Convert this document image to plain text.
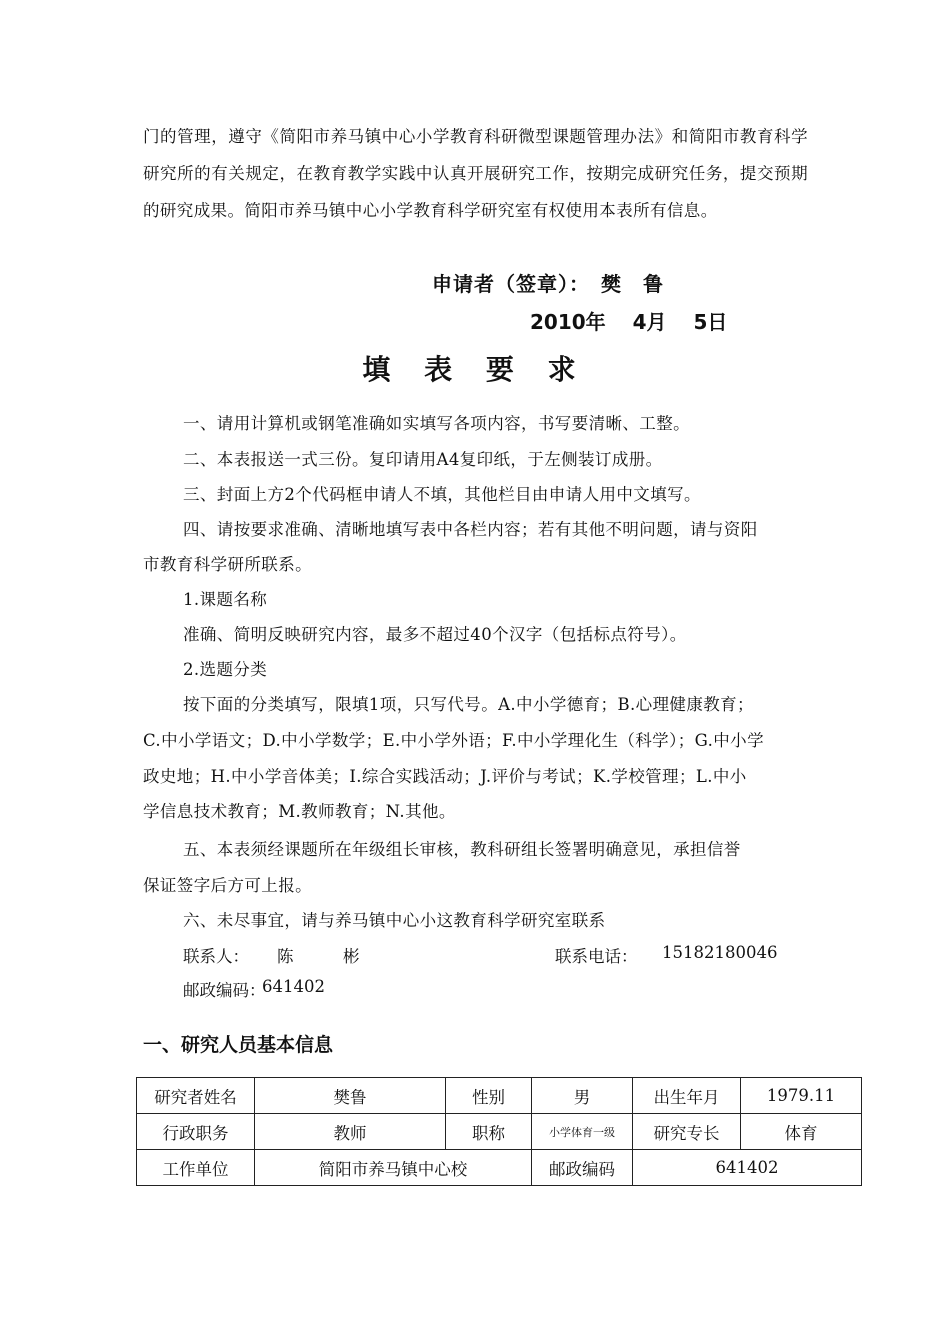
门的管理，遵守《简阳市养马镇中心小学教育科研微型课题管理办法》和简阳市教育科学研究所的有关规定，在教育教学实践中认真开展研究工作，按期完成研究任务，提交预期的研究成果。简阳市养马镇中心小学教育科学研究室有权使用本表所有信息。

申请者（签章）：　 樊　鲁
2010年　 4月　 5日
填 表 要 求
一、请用计算机或钢笔准确如实填写各项内容，书写要清晰、工整。
二、本表报送一式三份。复印请用A4复印纸，于左侧装订成册。
三、封面上方2个代码框申请人不填，其他栏目由申请人用中文填写。
四、请按要求准确、清晰地填写表中各栏内容；若有其他不明问题，请与资阳
市教育科学研所联系。
1.课题名称
准确、简明反映研究内容，最多不超过40个汉字（包括标点符号）。
2.选题分类
按下面的分类填写，限填1项，只写代号。A.中小学德育；B.心理健康教育；
C.中小学语文；D.中小学数学；E.中小学外语；F.中小学理化生（科学）；G.中小学
政史地；H.中小学音体美；I.综合实践活动；J.评价与考试；K.学校管理；L.中小
学信息技术教育；M.教师教育；N.其他。
五、本表须经课题所在年级组长审核，教科研组长签署明确意见，承担信誉
保证签字后方可上报。
六、未尽事宜，请与养马镇中心小这教育科学研究室联系
联系人： 陈　　　彬	联系电话： 15182180046
邮政编码：
641402
一、研究人员基本信息
研究者姓名	樊鲁	性别	男	出生年月	1979.11
行政职务	教师	职称	小学体育一级	研究专长	体育
工作单位	简阳市养马镇中心校		邮政编码	641402	
